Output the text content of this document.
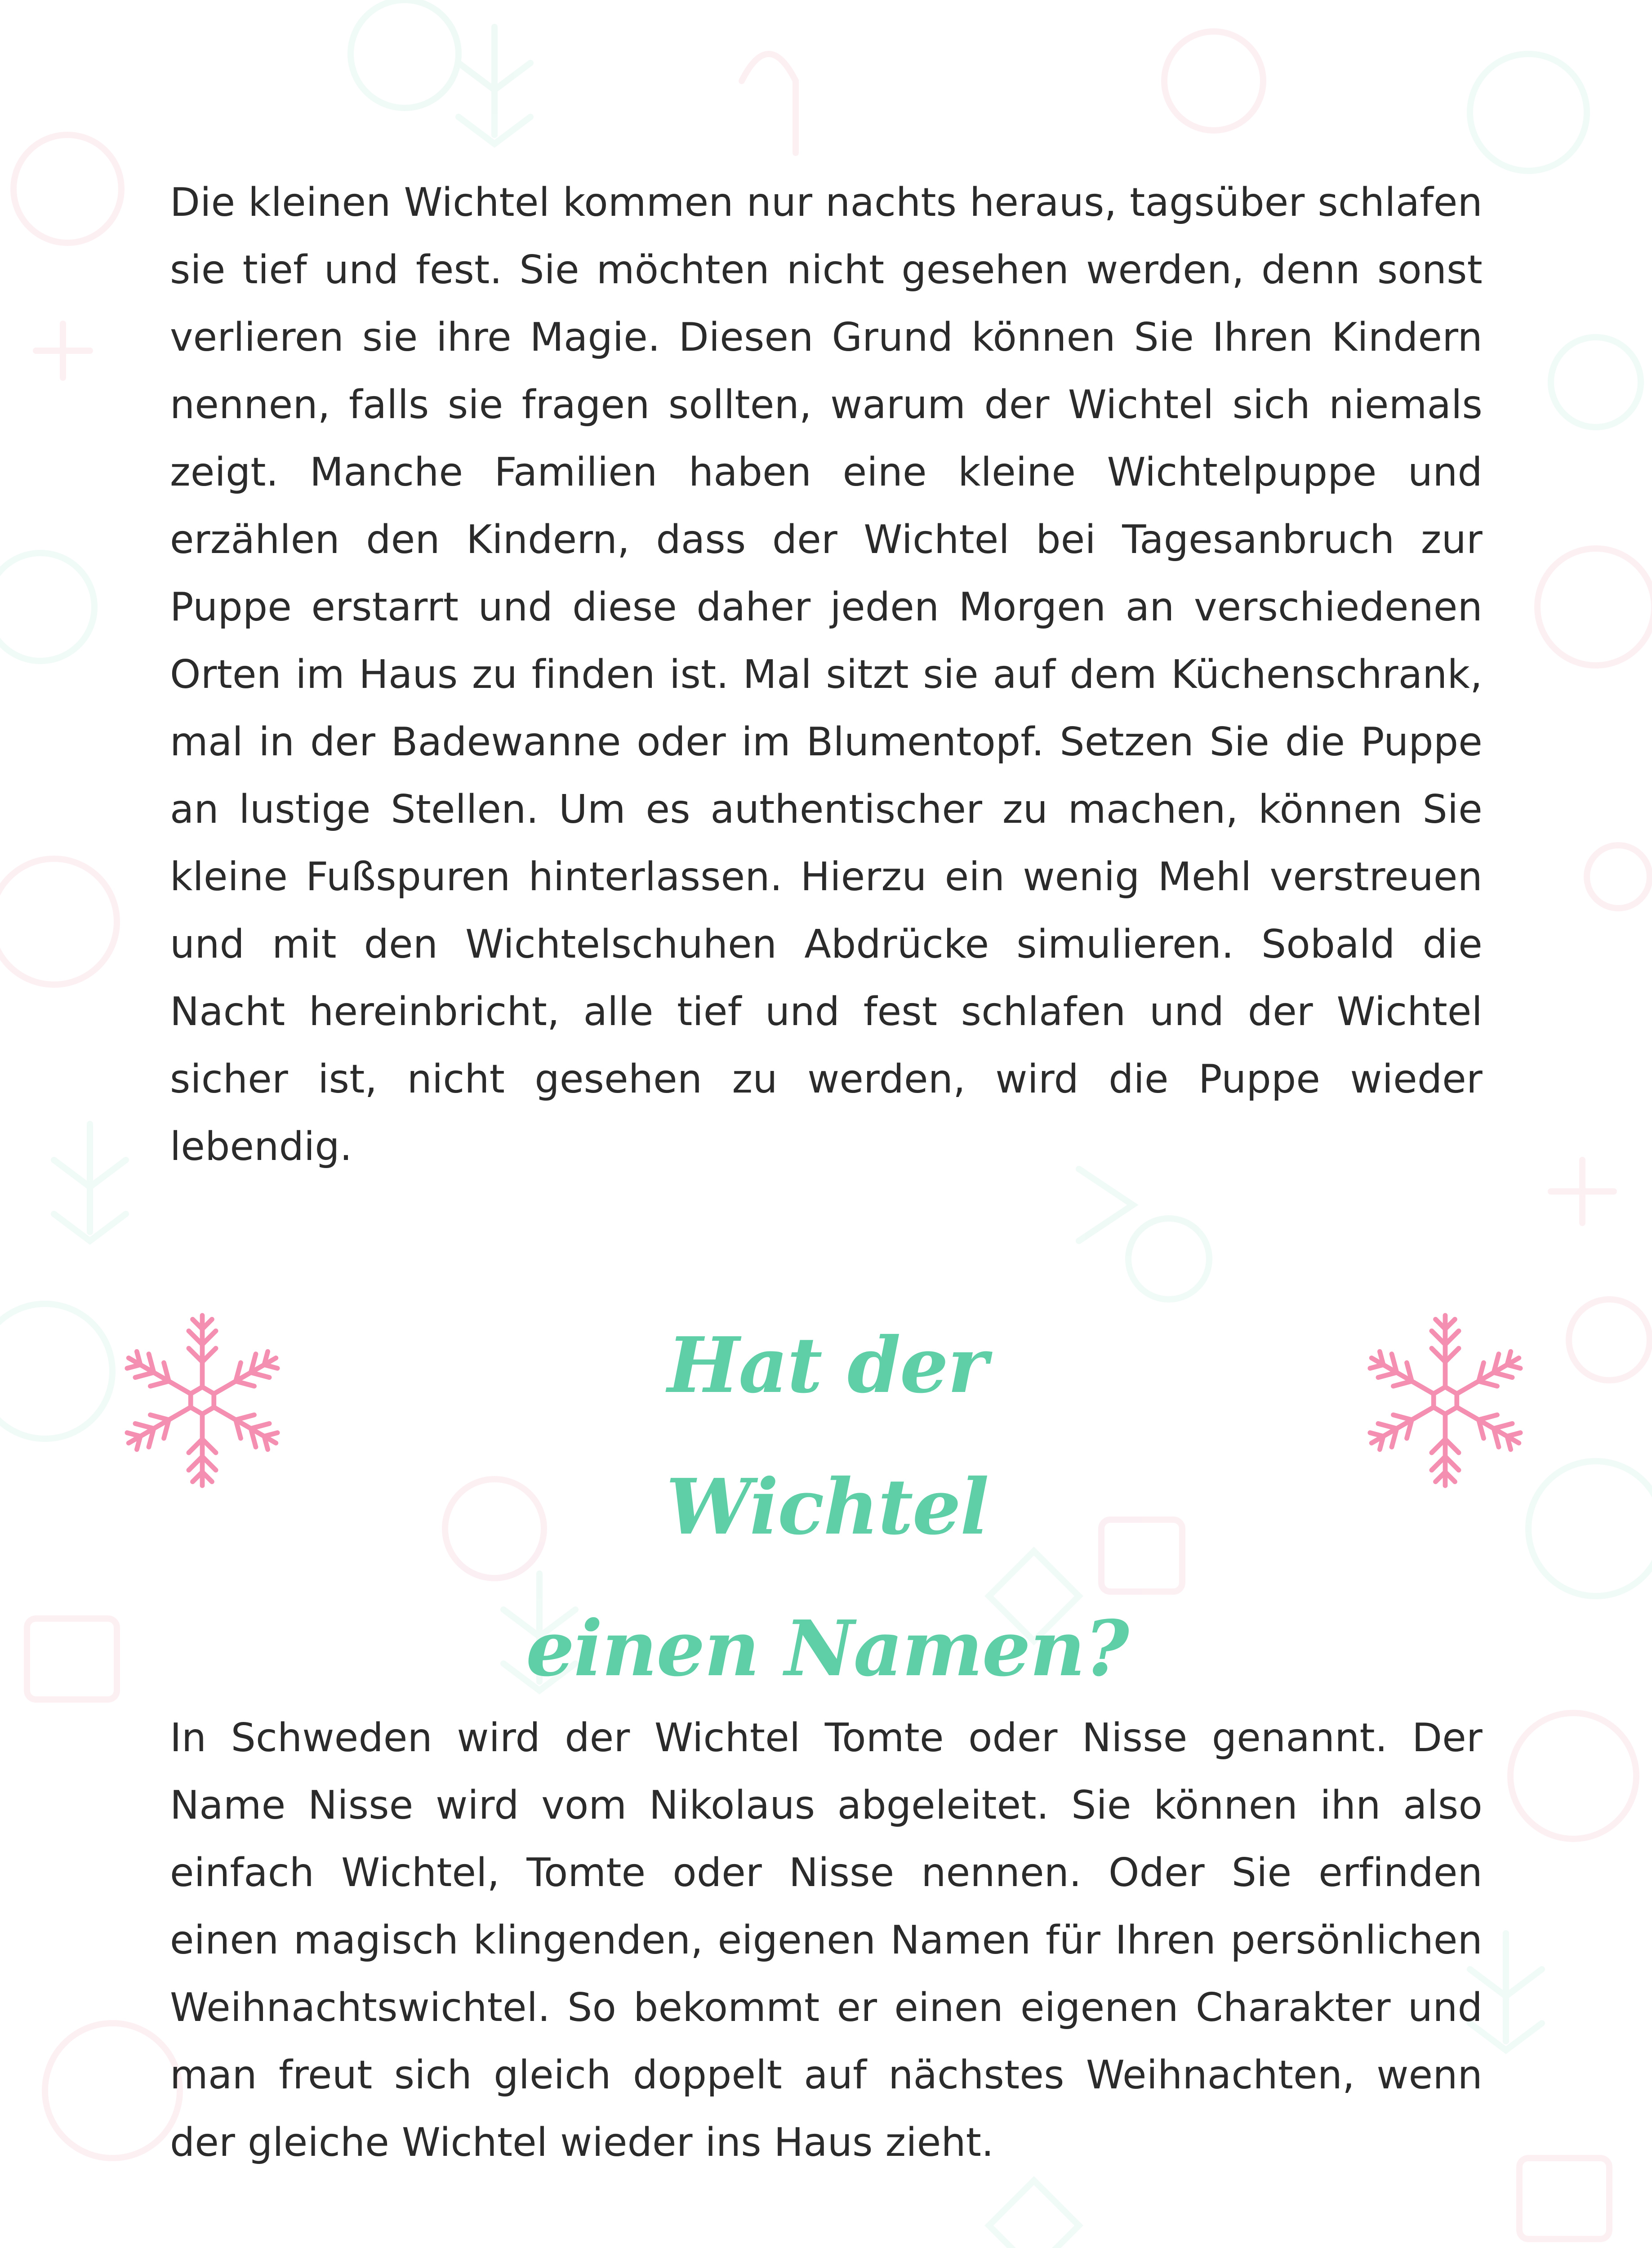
Die kleinen Wichtel kommen nur nachts heraus, tagsüber schlafen sie tief und fest. Sie möchten nicht gesehen werden, denn sonst verlieren sie ihre Magie. Diesen Grund können Sie Ihren Kindern nennen, falls sie fragen sollten, warum der Wichtel sich niemals zeigt. Manche Familien haben eine kleine Wichtelpuppe und erzählen den Kindern, dass der Wichtel bei Tagesanbruch zur Puppe erstarrt und diese daher jeden Morgen an verschiedenen Orten im Haus zu finden ist. Mal sitzt sie auf dem Küchenschrank, mal in der Badewanne oder im Blumentopf. Setzen Sie die Puppe an lustige Stellen. Um es authentischer zu machen, können Sie kleine Fußspuren hinterlassen. Hierzu ein wenig Mehl verstreuen und mit den Wichtelschuhen Abdrücke simulieren. Sobald die Nacht hereinbricht, alle tief und fest schlafen und der Wichtel sicher ist, nicht gesehen zu werden, wird die Puppe wieder lebendig.

Hat der Wichtel
einen Namen?

In Schweden wird der Wichtel Tomte oder Nisse genannt. Der Name Nisse wird vom Nikolaus abgeleitet. Sie können ihn also einfach Wichtel, Tomte oder Nisse nennen. Oder Sie erfinden einen magisch klingenden, eigenen Namen für Ihren persönlichen Weihnachtswichtel. So bekommt er einen eigenen Charakter und man freut sich gleich doppelt auf nächstes Weihnachten, wenn der gleiche Wichtel wieder ins Haus zieht.
